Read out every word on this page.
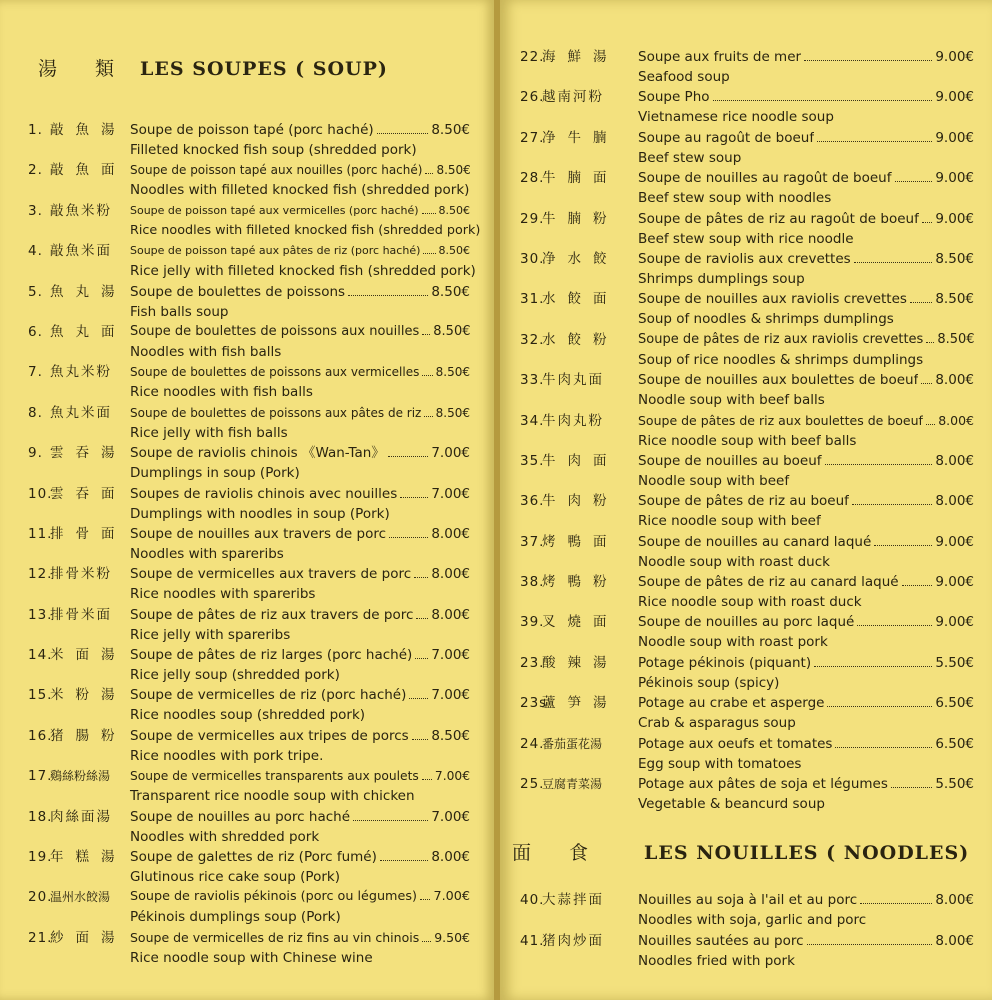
湯 類 LES SOUPES ( SOUP)
1. 敲魚湯 Soupe de poisson tapé (porc haché)	8.50€
Filleted knocked fish soup (shredded pork)
2. 敲魚面 Soupe de poisson tapé aux nouilles (porc haché) 8.50€
Noodles with filleted knocked fish (shredded pork)
3. 敲魚米粉 Soupe de poisson tapé aux vermicelles (porc haché) 8.50€
Rice noodles with filleted knocked fish (shredded pork)
4. 敲魚米面 Soupe de poisson tapé aux pâtes de riz (porc haché) 8.50€
Rice jelly with filleted knocked fish (shredded pork)
5. 魚丸湯 Soupe de boulettes de poissons	8.50€
Fish balls soup
6. 魚丸面 Soupe de boulettes de poissons aux nouilles 8.50€
Noodles with fish balls
7. 魚丸米粉 Soupe de boulettes de poissons aux vermicelles 8.50€
Rice noodles with fish balls
8. 魚丸米面 Soupe de boulettes de poissons aux pâtes de riz 8.50€
Rice jelly with fish balls
9. 雲吞湯 Soupe de raviolis chinois 《Wan-Tan》	7.00€
Dumplings in soup (Pork)
10.雲吞面 Soupes de raviolis chinois avec nouilles	7.00€
Dumplings with noodles in soup (Pork)
11.排骨面 Soupe de nouilles aux travers de porc	8.00€
Noodles with spareribs
12.排骨米粉 Soupe de vermicelles aux travers de porc 8.00€
Rice noodles with spareribs
13.排骨米面 Soupe de pâtes de riz aux travers de porc 8.00€
Rice jelly with spareribs
14.米面湯 Soupe de pâtes de riz larges (porc haché) 7.00€
Rice jelly soup (shredded pork)
15.米粉湯 Soupe de vermicelles de riz (porc haché) 7.00€
Rice noodles soup (shredded pork)
16.猪腸粉 Soupe de vermicelles aux tripes de porcs 8.50€
Rice noodles with pork tripe.
17.鷄絲粉絲湯 Soupe de vermicelles transparents aux poulets 7.00€
Transparent rice noodle soup with chicken
18.肉絲面湯 Soupe de nouilles au porc haché	7.00€
Noodles with shredded pork
19.年糕湯 Soupe de galettes de riz (Porc fumé)	8.00€
Glutinous rice cake soup (Pork)
20.温州水餃湯 Soupe de raviolis pékinois (porc ou légumes) 7.00€
Pékinois dumplings soup (Pork)
21.紗面湯 Soupe de vermicelles de riz fins au vin chinois 9.50€
Rice noodle soup with Chinese wine
22.海鮮湯 Soupe aux fruits de mer	9.00€
Seafood soup
26.越南河粉	Soupe Pho	9.00€
Vietnamese rice noodle soup
27.净牛腩 Soupe au ragoût de boeuf	9.00€
Beef stew soup
28.牛腩面 Soupe de nouilles au ragoût de boeuf	9.00€
Beef stew soup with noodles
29.牛腩粉 Soupe de pâtes de riz au ragoût de boeuf 9.00€
Beef stew soup with rice noodle
30.净水餃 Soupe de raviolis aux crevettes	8.50€
Shrimps dumplings soup
31.水餃面 Soupe de nouilles aux raviolis crevettes 8.50€
Soup of noodles & shrimps dumplings
32.水餃粉 Soupe de pâtes de riz aux raviolis crevettes 8.50€
Soup of rice noodles & shrimps dumplings
33.牛肉丸面	Soupe de nouilles aux boulettes de boeuf 8.00€
Noodle soup with beef balls
34.牛肉丸粉	Soupe de pâtes de riz aux boulettes de boeuf 8.00€
Rice noodle soup with beef balls
35.牛肉面 Soupe de nouilles au boeuf	8.00€
Noodle soup with beef
36.牛肉粉 Soupe de pâtes de riz au boeuf	8.00€
Rice noodle soup with beef
37.烤鴨面 Soupe de nouilles au canard laqué	9.00€
Noodle soup with roast duck
38.烤鴨粉 Soupe de pâtes de riz au canard laqué	9.00€
Rice noodle soup with roast duck
39.叉燒面 Soupe de nouilles au porc laqué	9.00€
Noodle soup with roast pork
23.酸辣湯 Potage pékinois (piquant)	5.50€
Pékinois soup (spicy)
23s蘆笋湯 Potage au crabe et asperge	6.50€
Crab & asparagus soup
24.番茄蛋花湯	Potage aux oeufs et tomates	6.50€
Egg soup with tomatoes
25.豆腐青菜湯	Potage aux pâtes de soja et légumes	5.50€
Vegetable & beancurd soup
面 食 LES NOUILLES ( NOODLES)
40.大蒜拌面	Nouilles au soja à l'ail et au porc	8.00€
Noodles with soja, garlic and porc
41.猪肉炒面	Nouilles sautées au porc	8.00€
Noodles fried with pork
